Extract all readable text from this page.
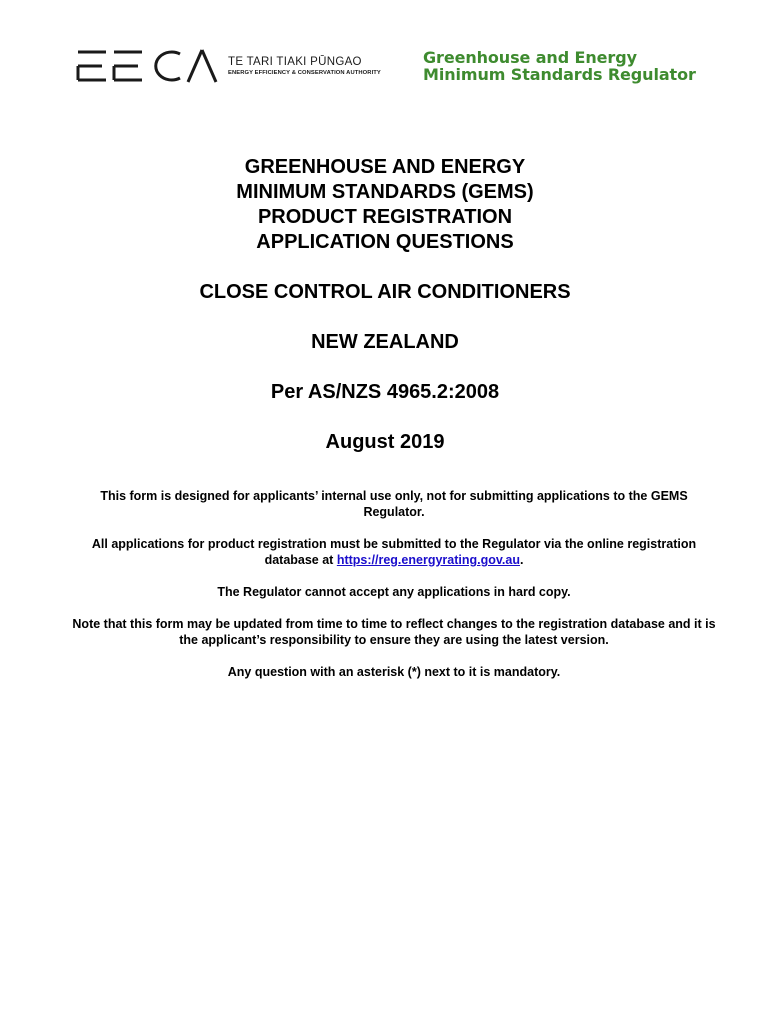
TE TARI TIAKI PŪNGAO
ENERGY EFFICIENCY & CONSERVATION AUTHORITY
Greenhouse and Energy
Minimum Standards Regulator
GREENHOUSE AND ENERGY
MINIMUM STANDARDS (GEMS)
PRODUCT REGISTRATION
APPLICATION QUESTIONS
CLOSE CONTROL AIR CONDITIONERS
NEW ZEALAND
Per AS/NZS 4965.2:2008
August 2019

This form is designed for applicants’ internal use only, not for submitting applications to the GEMS Regulator.

All applications for product registration must be submitted to the Regulator via the online registration database at https://reg.energyrating.gov.au.

The Regulator cannot accept any applications in hard copy.

Note that this form may be updated from time to time to reflect changes to the registration database and it is the applicant’s responsibility to ensure they are using the latest version.

Any question with an asterisk (*) next to it is mandatory.
